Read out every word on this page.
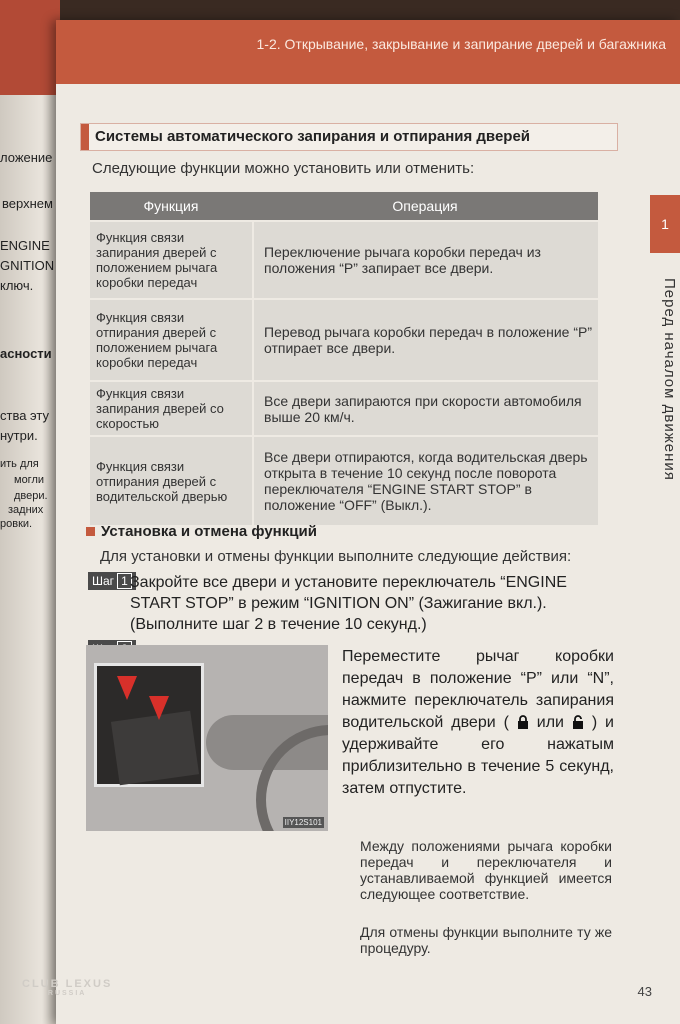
ложение
верхнем
ENGINE
GNITION
ключ.
асности
ства эту
нутри.
ить для
могли
двери.
задних
ровки.
1-2. Открывание, закрывание и запирание дверей и багажника
1
Перед началом движения
Системы автоматического запирания и отпирания дверей
Следующие функции можно установить или отменить:
Функция	Операция
Функция связи запирания дверей с положением рычага коробки передач	Переключение рычага коробки передач из положения “P” запирает все двери.
Функция связи отпирания дверей с положением рычага коробки передач	Перевод рычага коробки передач в положение “P” отпирает все двери.
Функция связи запирания дверей со скоростью	Все двери запираются при скорости автомобиля выше 20 км/ч.
Функция связи отпирания дверей с водительской дверью	Все двери отпираются, когда водительская дверь открыта в течение 10 секунд после поворота переключателя “ENGINE START STOP” в положение “OFF” (Выкл.).
Установка и отмена функций
Для установки и отмены функции выполните следующие действия:
Шаг 1 Закройте все двери и установите переключатель “ENGINE START STOP” в режим “IGNITION ON” (Зажигание вкл.). (Выполните шаг 2 в течение 10 секунд.)
IIY12S101
Переместите рычаг коробки передач в положение “P” или “N”, нажмите переключатель запирания водительской двери ( или ) и удерживайте его нажатым приблизительно в течение 5 секунд, затем отпустите.
Между положениями рычага коробки передач и переключателя и устанавливаемой функцией имеется следующее соответствие.
Для отмены функции выполните ту же процедуру.
43
CLUB LEXUS
RUSSIA
